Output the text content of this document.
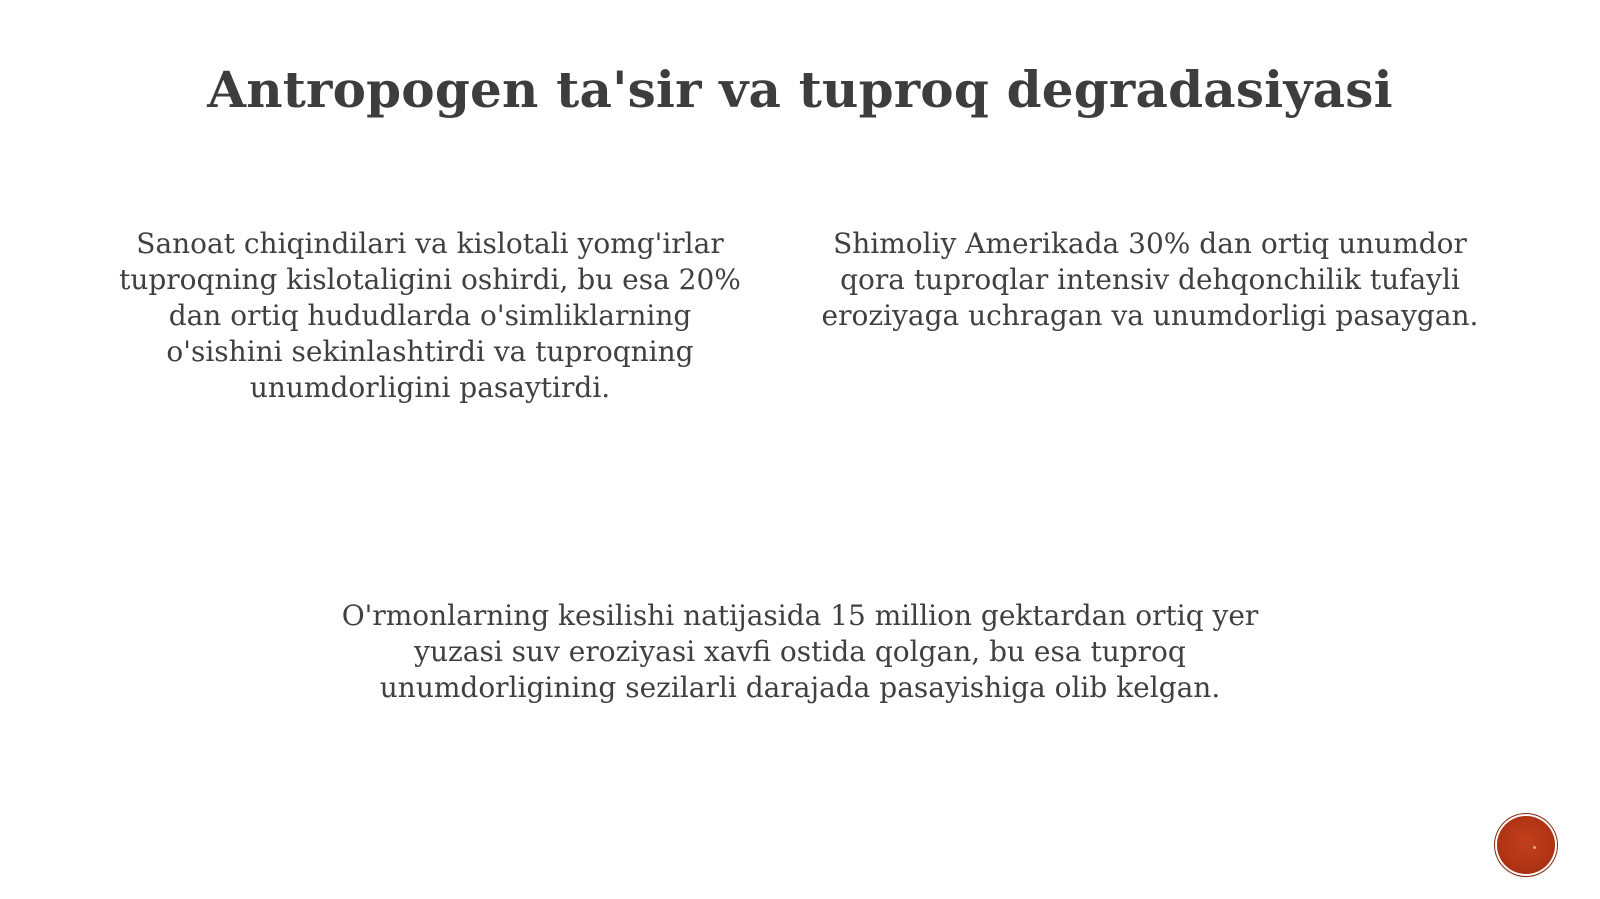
Antropogen ta'sir va tuproq degradasiyasi
Sanoat chiqindilari va kislotali yomg'irlar tuproqning kislotaligini oshirdi, bu esa 20% dan ortiq hududlarda o'simliklarning o'sishini sekinlashtirdi va tuproqning unumdorligini pasaytirdi.
Shimoliy Amerikada 30% dan ortiq unumdor qora tuproqlar intensiv dehqonchilik tufayli eroziyaga uchragan va unumdorligi pasaygan.
O'rmonlarning kesilishi natijasida 15 million gektardan ortiq yer yuzasi suv eroziyasi xavfi ostida qolgan, bu esa tuproq unumdorligining sezilarli darajada pasayishiga olib kelgan.
